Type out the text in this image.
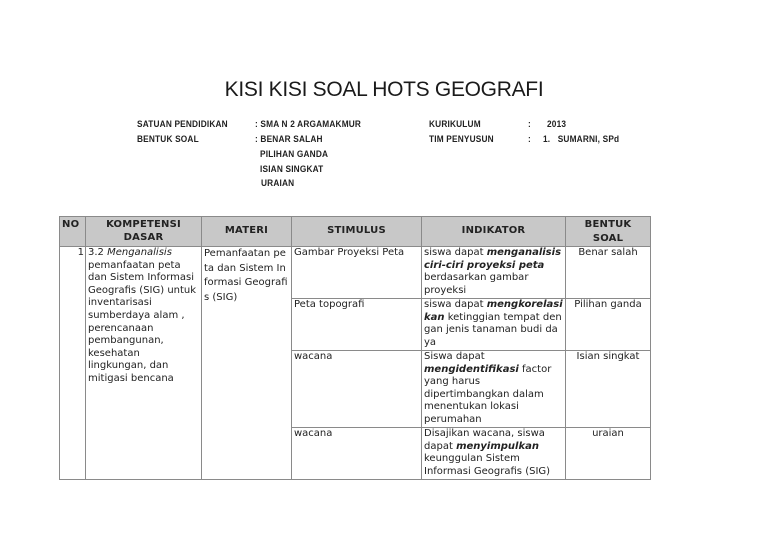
KISI KISI SOAL HOTS GEOGRAFI
SATUAN PENDIDIKAN	: SMA N 2 ARGAMAKMUR
BENTUK SOAL	: BENAR SALAH
PILIHAN GANDA
ISIAN SINGKAT
URAIAN
KURIKULUM	: 2013
TIM PENYUSUN	: 1.   SUMARNI, SPd
NO	KOMPETENSI DASAR	MATERI	STIMULUS	INDIKATOR	BENTUK SOAL
1	3.2 Menganalisis pemanfaatan peta dan Sistem Informasi Geografis (SIG) untuk inventarisasi sumberdaya alam , perencanaan pembangunan, kesehatan lingkungan, dan mitigasi bencana	Pemanfaatan peta dan Sistem Informasi Geografis (SIG)	Gambar Proyeksi Peta	siswa dapat menganalisis ciri-ciri proyeksi peta berdasarkan gambar proyeksi	Benar salah
			Peta topografi	siswa dapat mengkorelasikan ketinggian tempat dengan jenis tanaman budi daya	Pilihan ganda
			wacana	Siswa dapat mengidentifikasi factor yang harus dipertimbangkan dalam menentukan lokasi perumahan	Isian singkat
			wacana	Disajikan wacana, siswa dapat menyimpulkan keunggulan Sistem Informasi Geografis (SIG)	uraian
